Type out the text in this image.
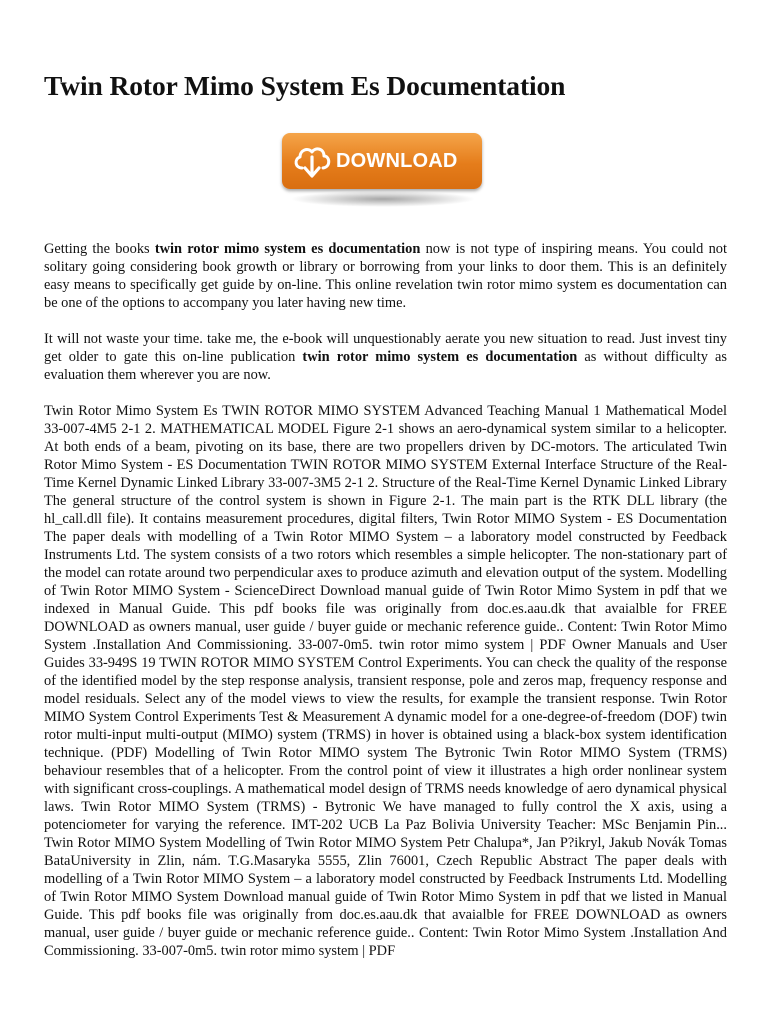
Twin Rotor Mimo System Es Documentation
DOWNLOAD

Getting the books twin rotor mimo system es documentation now is not type of inspiring means. You could not solitary going considering book growth or library or borrowing from your links to door them. This is an definitely easy means to specifically get guide by on-line. This online revelation twin rotor mimo system es documentation can be one of the options to accompany you later having new time.

It will not waste your time. take me, the e-book will unquestionably aerate you new situation to read. Just invest tiny get older to gate this on-line publication twin rotor mimo system es documentation as without difficulty as evaluation them wherever you are now.

Twin Rotor Mimo System Es TWIN ROTOR MIMO SYSTEM Advanced Teaching Manual 1 Mathematical Model 33-007-4M5 2-1 2. MATHEMATICAL MODEL Figure 2-1 shows an aero-dynamical system similar to a helicopter. At both ends of a beam, pivoting on its base, there are two propellers driven by DC-motors. The articulated Twin Rotor Mimo System - ES Documentation TWIN ROTOR MIMO SYSTEM External Interface Structure of the Real-Time Kernel Dynamic Linked Library 33-007-3M5 2-1 2. Structure of the Real-Time Kernel Dynamic Linked Library The general structure of the control system is shown in Figure 2-1. The main part is the RTK DLL library (the hl_call.dll file). It contains measurement procedures, digital filters, Twin Rotor MIMO System - ES Documentation The paper deals with modelling of a Twin Rotor MIMO System – a laboratory model constructed by Feedback Instruments Ltd. The system consists of a two rotors which resembles a simple helicopter. The non-stationary part of the model can rotate around two perpendicular axes to produce azimuth and elevation output of the system. Modelling of Twin Rotor MIMO System - ScienceDirect Download manual guide of Twin Rotor Mimo System in pdf that we indexed in Manual Guide. This pdf books file was originally from doc.es.aau.dk that avaialble for FREE DOWNLOAD as owners manual, user guide / buyer guide or mechanic reference guide.. Content: Twin Rotor Mimo System .Installation And Commissioning. 33-007-0m5. twin rotor mimo system | PDF Owner Manuals and User Guides 33-949S 19 TWIN ROTOR MIMO SYSTEM Control Experiments. You can check the quality of the response of the identified model by the step response analysis, transient response, pole and zeros map, frequency response and model residuals. Select any of the model views to view the results, for example the transient response. Twin Rotor MIMO System Control Experiments Test & Measurement A dynamic model for a one-degree-of-freedom (DOF) twin rotor multi-input multi-output (MIMO) system (TRMS) in hover is obtained using a black-box system identification technique. (PDF) Modelling of Twin Rotor MIMO system The Bytronic Twin Rotor MIMO System (TRMS) behaviour resembles that of a helicopter. From the control point of view it illustrates a high order nonlinear system with significant cross-couplings. A mathematical model design of TRMS needs knowledge of aero dynamical physical laws. Twin Rotor MIMO System (TRMS) - Bytronic We have managed to fully control the X axis, using a potenciometer for varying the reference. IMT-202 UCB La Paz Bolivia University Teacher: MSc Benjamin Pin... Twin Rotor MIMO System Modelling of Twin Rotor MIMO System Petr Chalupa*, Jan P?ikryl, Jakub Novák Tomas BataUniversity in Zlin, nám. T.G.Masaryka 5555, Zlin 76001, Czech Republic Abstract The paper deals with modelling of a Twin Rotor MIMO System – a laboratory model constructed by Feedback Instruments Ltd. Modelling of Twin Rotor MIMO System Download manual guide of Twin Rotor Mimo System in pdf that we listed in Manual Guide. This pdf books file was originally from doc.es.aau.dk that avaialble for FREE DOWNLOAD as owners manual, user guide / buyer guide or mechanic reference guide.. Content: Twin Rotor Mimo System .Installation And Commissioning. 33-007-0m5. twin rotor mimo system | PDF
